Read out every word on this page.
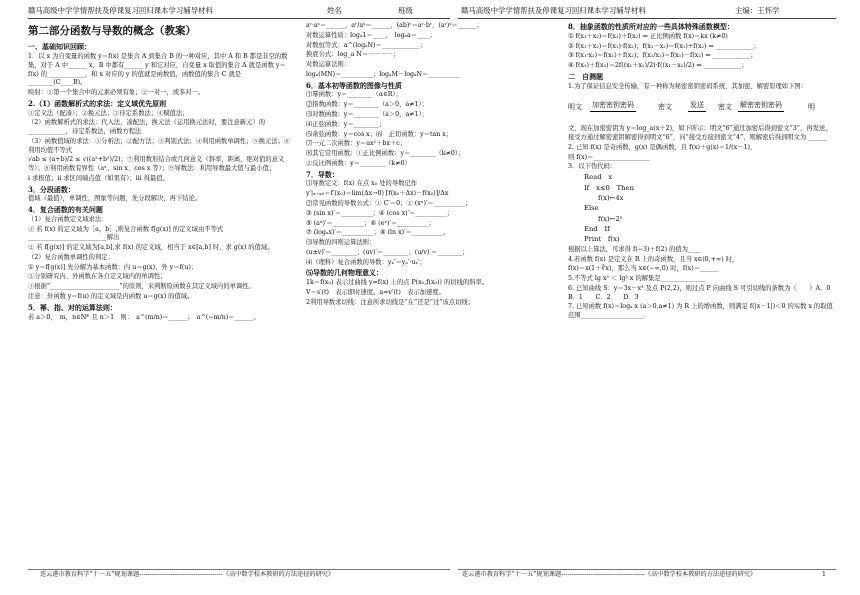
赣马高级中学学情帮扶及停课复习回归课本学习辅导材料	姓名	班级	赣马高级中学学情帮扶及停课复习回归课本学习辅导材料	主编：王怀学
第二部分函数与导数的概念（教案）

一、基础知识回顾：

1．以 x 为自变量的函数 y＝f(x) 是集合 A 到集合 B 的一种对应，其中 A 和 B 都是非空的数集，对于 A 中______ x，B 中都有______ y 和它对应，自变量 x 取值的集合 A 就是函数 y＝f(x) 的____________，和 x 对应的 y 的值就是函数值，函数值的集合 C 就是________(C____B)。

映射：①第一个集合中的元素必须有象；②一对一，或多对一。

2.（1）函数解析式的求法：定义域优先原则

①定义法（配凑）；②换元法；③待定系数法；④赋值法；

（2）函数解析式的求法：代入法，凑配法，换元法（运用换元法时，要注意新元）的____________，待定系数法，函数方程法

（3）函数值域的求法：①分析法；②配方法；③判别式法；④利用函数单调性；⑤换元法；⑥利用均值不等式

√ab ≤ (a+b)/2 ≤ √((a²+b²)/2)；⑦利用数形结合或几何意义（斜率，距离，绝对值的意义等）；⑧利用函数有界性（aˣ、sin x、cos x 等）；⑨导数法：利用导数最大值与最小值；

i 求极值；ii 求区间端点值（如果有）；iii 得最值。

3．分段函数：

值域（最值），单调性，图象等问题，先分段解决，再下结论。

4．复合函数的有关问题

（1）复合函数定义域求法：

① 若 f(x) 的定义域为［a，b］,则复合函数 f[g(x)] 的定义域由不等式_________________________解出

② 若 f[g(x)] 的定义域为[a,b],求 f(x) 的定义域，相当于 x∈[a,b] 时，求 g(x) 的值域。

（2）复合函数单调性的判定：

① y＝f[g(x)] 先分解为基本函数：内 u＝g(x)、外 y＝f(u)；

②分别研究内、外函数在各自定义域内的单调性；

③根据“______________________”的原则，来判断原函数在其定义域内的单调性。

注意：外函数 y＝f(u) 的定义域是内函数 u＝g(x) 的值域。

5．幂、指、对的运算法则：

若 a＞0，　m，n∈N* 且 n＞1　则：　a^(m/n)＝______；　a^(−m/n)＝______。

aʳ·aˢ＝______，aʳ/aˢ＝______，(ab)ʳ＝aʳ·bʳ，(aʳ)ˢ＝______；

对数运算性质：logₐ1＝____，　logₐa＝____；

对数恒等式：a^(logₐN)＝____________；

换底公式：log_a N＝－－－－；

对数运算法则：

logₐ(MN)＝__________；logₐM－logₐN＝__________

6．基本初等函数的图像与性质

⑴幂函数：y＝________（α∈R）；

⑵指数函数：y＝________（a＞0，a≠1）；

⑶对数函数：y＝________（a＞0，a≠1）；

⑷正弦函数：y＝________；

⑸余弦函数：y＝cos x；⑹　正切函数：y＝tan x；

⑺一元二次函数：y＝ax²＋bx＋c；

⑻其它常用函数：①正比例函数：y＝________（k≠0）；

②反比例函数：y＝________（k≠0）

7．导数：

⑴导数定义：f(x) 在点 x₀ 处的导数记作

y′|ₓ₌ₓ₀＝f′(x₀)＝lim(Δx→0) [f(x₀＋Δx)－f(x₀)]/Δx

⑵常见函数的导数公式：① C′＝0；② (xⁿ)′＝__________；

③ (sin x)′＝__________；④ (cos x)′＝__________；

⑤ (aˣ)′＝__________；⑥ (eˣ)′＝__________；

⑦ (logₐx)′＝__________；⑧ (ln x)′＝__________。

⑶导数的四则运算法则：

(u±v)′＝________；(uv)′＝________；(u/v)′＝________；

⑷（理科）复合函数的导数：yₓ′＝yᵤ′·uₓ′；

⑸导数的几何物理意义：

1k＝f(x₀) 表示过曲线 y=f(x) 上的点 P(x₀,f(x₀)) 的切线的斜率。

V＝s′(t)　表示即时速度。a=v′(t)　表示加速度。

2利用导数求切线：注意所求切线是“在”还是“过”该点切线；

8．抽象函数的性质所对应的一些具体特殊函数模型：

① f(x₁＋x₂)＝f(x₁)＋f(x₂) ⇒ 正比例函数 f(x)＝kx (k≠0)

② f(x₁＋x₂)＝f(x₁)·f(x₂)；f(x₁－x₂)＝f(x₁)÷f(x₂) ⇒ ____________；

③ f(x₁·x₂)＝f(x₁)＋f(x₂)；f(x₁/x₂)＝f(x₁)－f(x₂) ⇒ ____________；

④ f(x₁)＋f(x₂)＝2f((x₁＋x₂)/2)·f((x₁－x₂)/2) ⇒ ____________；

二　自测题

1.为了保证信息安全传输，有一种称为秘密密钥密码系统，其加密、解密原理如下图：

明文 加密密钥密码	密文	发送 密文 解密密钥密码	明

文，现在加密密钥为 y＝log_a(x＋2)，如下所示：明文“6”通过加密后得到密文“3”，再发送，接受方通过解密密钥解密得到明文“6”，问“接受方接到密文“4”，则解密后得到明文为 ______

2. 已知 f(x) 是奇函数，g(x) 是偶函数，且 f(x)＋g(x)＝1/(x－1)，

则 f(x)＝__________________

3．以下伪代码：

Read　x
If　x≤0　Then
f(x)←4x
Else
f(x)←2ˣ
End　If
Print　f(x)

根据以上算法，可求得 f(−3)＋f(2) 的值为____

4.若函数 f(x) 是定义在 R 上的奇函数，且当 x∈(0,+∞) 时，

f(x)＝x(1＋∛x)，那么当 x∈(−∞,0) 时，f(x)＝______

5.不等式 lg x² ＜ lg² x 的解集是______________

6. 已知曲线 S：y＝3x－x³ 及点 P(2,2)，则过点 P 向曲线 S 可引切线的条数为（　　）A．0　　B．1　　C．2　　D．3

7. 已知函数 f(x)＝logₐ x (a＞0,a≠1) 为 R 上的增函数，则满足 f(|x－1|)＜0 的实数 x 的取值范围____________________．

连云港市教育科学“十一五”规划课题----------------------------------------《高中数学校本教研的方法途径的研究》	连云港市教育科学“十一五”规划课题----------------------------------------《高中数学校本教研的方法途径的研究》	1
